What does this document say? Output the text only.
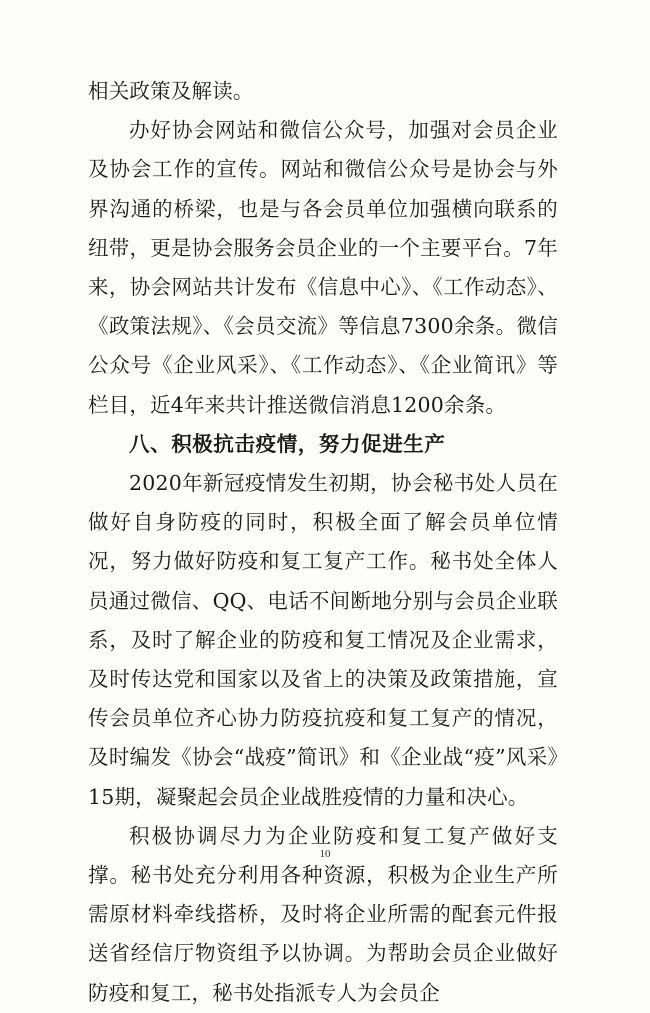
相关政策及解读。

办好协会网站和微信公众号，加强对会员企业及协会工作的宣传。网站和微信公众号是协会与外界沟通的桥梁，也是与各会员单位加强横向联系的纽带，更是协会服务会员企业的一个主要平台。7年来，协会网站共计发布《信息中心》、《工作动态》、《政策法规》、《会员交流》等信息7300余条。微信公众号《企业风采》、《工作动态》、《企业简讯》等栏目，近4年来共计推送微信消息1200余条。

八、积极抗击疫情，努力促进生产

2020年新冠疫情发生初期，协会秘书处人员在做好自身防疫的同时，积极全面了解会员单位情况，努力做好防疫和复工复产工作。秘书处全体人员通过微信、QQ、电话不间断地分别与会员企业联系，及时了解企业的防疫和复工情况及企业需求，及时传达党和国家以及省上的决策及政策措施，宣传会员单位齐心协力防疫抗疫和复工复产的情况，及时编发《协会“战疫”简讯》和《企业战“疫”风采》15期，凝聚起会员企业战胜疫情的力量和决心。

积极协调尽力为企业防疫和复工复产做好支撑。秘书处充分利用各种资源，积极为企业生产所需原材料牵线搭桥，及时将企业所需的配套元件报送省经信厅物资组予以协调。为帮助会员企业做好防疫和复工，秘书处指派专人为会员企

10
